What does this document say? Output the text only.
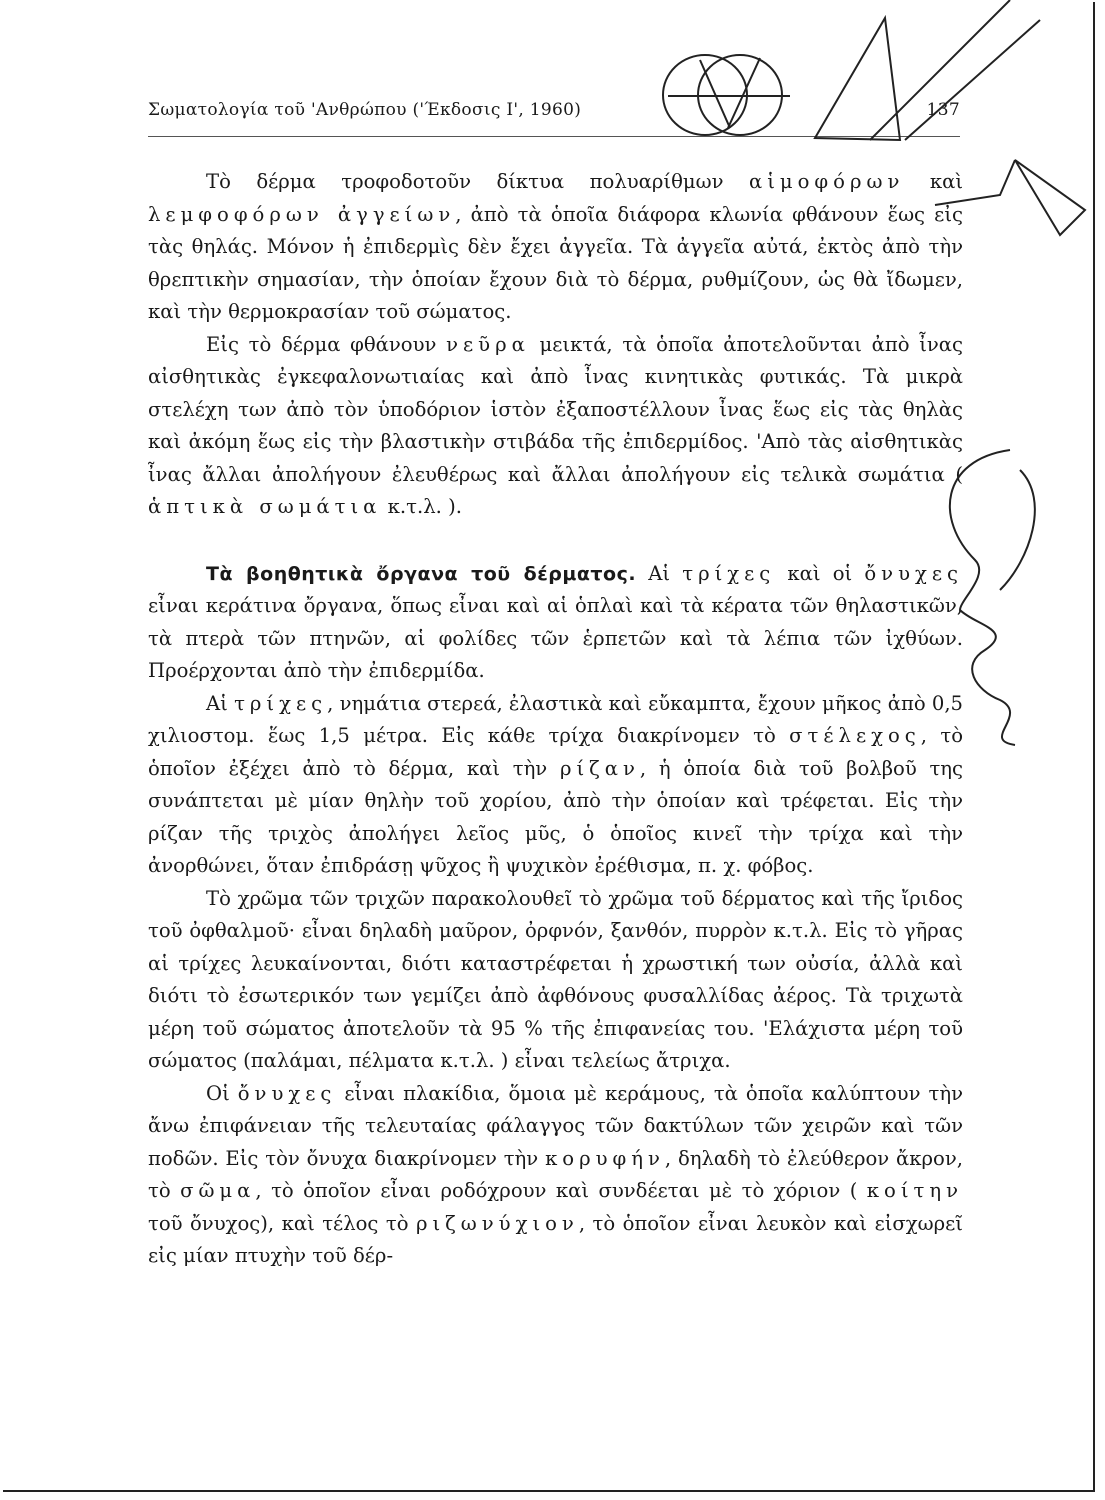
Σωματολογία τοῦ 'Ανθρώπου ('Έκδοσις Ι', 1960)	137

Τὸ δέρμα τροφοδοτοῦν δίκτυα πολυαρίθμων αἱμοφόρων καὶ λεμφοφόρων ἀγγείων, ἀπὸ τὰ ὁποῖα διάφορα κλωνία φθάνουν ἕως εἰς τὰς θηλάς. Μόνον ἡ ἐπιδερμὶς δὲν ἔχει ἀγγεῖα. Τὰ ἀγγεῖα αὐτά, ἐκτὸς ἀπὸ τὴν θρεπτικὴν σημασίαν, τὴν ὁποίαν ἔχουν διὰ τὸ δέρμα, ρυθμίζουν, ὡς θὰ ἴδωμεν, καὶ τὴν θερμοκρασίαν τοῦ σώματος.

Εἰς τὸ δέρμα φθάνουν νεῦρα μεικτά, τὰ ὁποῖα ἀποτελοῦνται ἀπὸ ἶνας αἰσθητικὰς ἐγκεφαλονωτιαίας καὶ ἀπὸ ἶνας κινητικὰς φυτικάς. Τὰ μικρὰ στελέχη των ἀπὸ τὸν ὑποδόριον ἱστὸν ἐξαποστέλλουν ἶνας ἕως εἰς τὰς θηλὰς καὶ ἀκόμη ἕως εἰς τὴν βλαστικὴν στιβάδα τῆς ἐπιδερμίδος. 'Απὸ τὰς αἰσθητικὰς ἶνας ἄλλαι ἀπολήγουν ἐλευθέρως καὶ ἄλλαι ἀπολήγουν εἰς τελικὰ σωμάτια ( ἁπτικὰ σωμάτια κ.τ.λ. ).

Τὰ βοηθητικὰ ὄργανα τοῦ δέρματος. Αἱ τρίχες καὶ οἱ ὄνυχες εἶναι κεράτινα ὄργανα, ὅπως εἶναι καὶ αἱ ὁπλαὶ καὶ τὰ κέρατα τῶν θηλαστικῶν, τὰ πτερὰ τῶν πτηνῶν, αἱ φολίδες τῶν ἑρπετῶν καὶ τὰ λέπια τῶν ἰχθύων. Προέρχονται ἀπὸ τὴν ἐπιδερμίδα.

Αἱ τρίχες, νημάτια στερεά, ἐλαστικὰ καὶ εὔκαμπτα, ἔχουν μῆκος ἀπὸ 0,5 χιλιοστομ. ἕως 1,5 μέτρα. Εἰς κάθε τρίχα διακρίνομεν τὸ στέλεχος, τὸ ὁποῖον ἐξέχει ἀπὸ τὸ δέρμα, καὶ τὴν ρίζαν, ἡ ὁποία διὰ τοῦ βολβοῦ της συνάπτεται μὲ μίαν θηλὴν τοῦ χορίου, ἀπὸ τὴν ὁποίαν καὶ τρέφεται. Εἰς τὴν ρίζαν τῆς τριχὸς ἀπολήγει λεῖος μῦς, ὁ ὁποῖος κινεῖ τὴν τρίχα καὶ τὴν ἀνορθώνει, ὅταν ἐπιδράσῃ ψῦχος ἢ ψυχικὸν ἐρέθισμα, π. χ. φόβος.

Τὸ χρῶμα τῶν τριχῶν παρακολουθεῖ τὸ χρῶμα τοῦ δέρματος καὶ τῆς ἴριδος τοῦ ὀφθαλμοῦ· εἶναι δηλαδὴ μαῦρον, ὀρφνόν, ξανθόν, πυρρὸν κ.τ.λ. Εἰς τὸ γῆρας αἱ τρίχες λευκαίνονται, διότι καταστρέφεται ἡ χρωστική των οὐσία, ἀλλὰ καὶ διότι τὸ ἐσωτερικόν των γεμίζει ἀπὸ ἀφθόνους φυσαλλίδας ἀέρος. Τὰ τριχωτὰ μέρη τοῦ σώματος ἀποτελοῦν τὰ 95 % τῆς ἐπιφανείας του. 'Ελάχιστα μέρη τοῦ σώματος (παλάμαι, πέλματα κ.τ.λ. ) εἶναι τελείως ἄτριχα.

Οἱ ὄνυχες εἶναι πλακίδια, ὅμοια μὲ κεράμους, τὰ ὁποῖα καλύπτουν τὴν ἄνω ἐπιφάνειαν τῆς τελευταίας φάλαγγος τῶν δακτύλων τῶν χειρῶν καὶ τῶν ποδῶν. Εἰς τὸν ὄνυχα διακρίνομεν τὴν κορυφήν, δηλαδὴ τὸ ἐλεύθερον ἄκρον, τὸ σῶμα, τὸ ὁποῖον εἶναι ροδόχρουν καὶ συνδέεται μὲ τὸ χόριον ( κοίτην τοῦ ὄνυχος), καὶ τέλος τὸ ριζωνύχιον, τὸ ὁποῖον εἶναι λευκὸν καὶ εἰσχωρεῖ εἰς μίαν πτυχὴν τοῦ δέρ-
